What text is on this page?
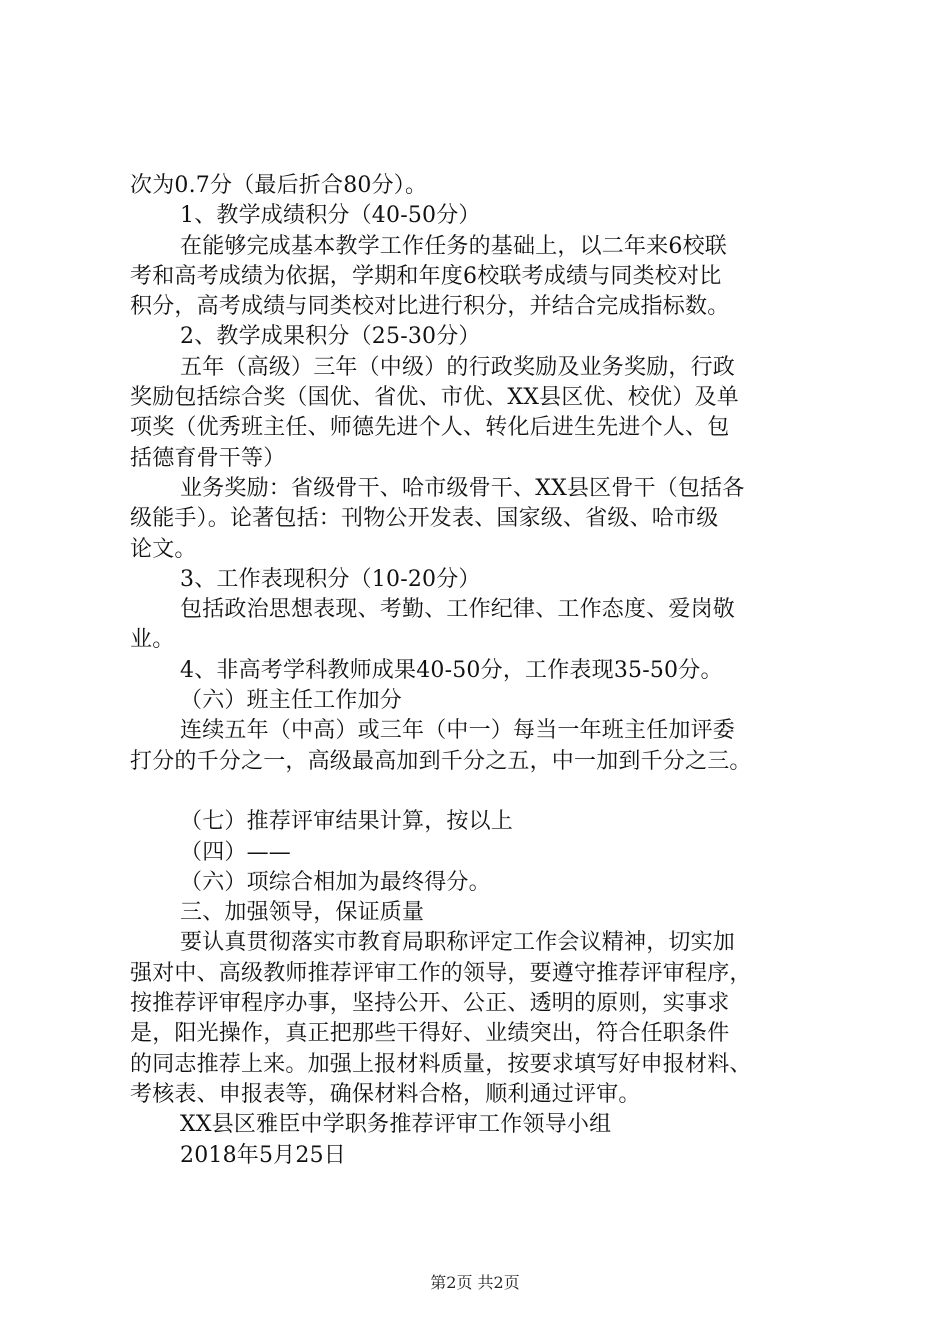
次为0.7分（最后折合80分）。
1、教学成绩积分（40-50分）
在能够完成基本教学工作任务的基础上，以二年来6校联
考和高考成绩为依据，学期和年度6校联考成绩与同类校对比
积分，高考成绩与同类校对比进行积分，并结合完成指标数。
2、教学成果积分（25-30分）
五年（高级）三年（中级）的行政奖励及业务奖励，行政
奖励包括综合奖（国优、省优、市优、XX县区优、校优）及单
项奖（优秀班主任、师德先进个人、转化后进生先进个人、包
括德育骨干等）
业务奖励：省级骨干、哈市级骨干、XX县区骨干（包括各
级能手）。论著包括：刊物公开发表、国家级、省级、哈市级
论文。
3、工作表现积分（10-20分）
包括政治思想表现、考勤、工作纪律、工作态度、爱岗敬
业。
4、非高考学科教师成果40-50分，工作表现35-50分。
（六）班主任工作加分
连续五年（中高）或三年（中一）每当一年班主任加评委
打分的千分之一，高级最高加到千分之五，中一加到千分之三。
（七）推荐评审结果计算，按以上
（四）——
（六）项综合相加为最终得分。
三、加强领导，保证质量
要认真贯彻落实市教育局职称评定工作会议精神，切实加
强对中、高级教师推荐评审工作的领导，要遵守推荐评审程序，
按推荐评审程序办事，坚持公开、公正、透明的原则，实事求
是，阳光操作，真正把那些干得好、业绩突出，符合任职条件
的同志推荐上来。加强上报材料质量，按要求填写好申报材料、
考核表、申报表等，确保材料合格，顺利通过评审。
XX县区雅臣中学职务推荐评审工作领导小组
2018年5月25日
第2页 共2页
